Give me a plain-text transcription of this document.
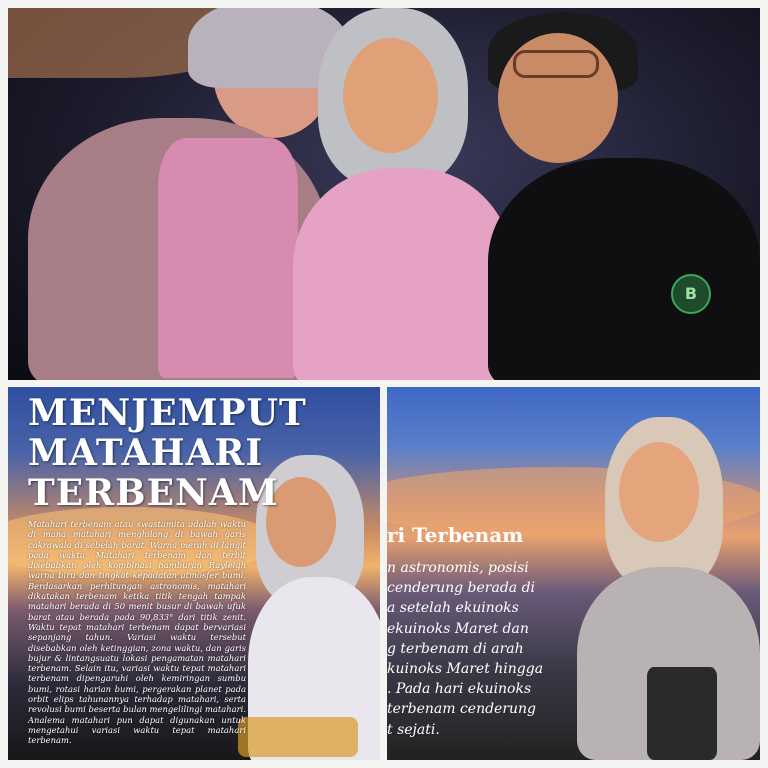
B
MENJEMPUT MATAHARI TERBENAM

Matahari terbenam atau swastamita adalah waktu di mana matahari menghilang di bawah garis cakrawala di sebelah barat. Warna merah di langit pada waktu Matahari terbenam dan terbit disebabkan oleh kombinasi hamburan Rayleigh warna biru dan tingkat kepadatan atmosfer bumi. Berdasarkan perhitungan astronomis, matahari dikatakan terbenam ketika titik tengah tampak matahari berada di 50 menit busur di bawah ufuk barat atau berada pada 90,833° dari titik zenit. Waktu tepat matahari terbenam dapat bervariasi sepanjang tahun. Variasi waktu tersebut disebabkan oleh ketinggian, zona waktu, dan garis bujur & lintangsuatu lokasi pengamatan matahari terbenam. Selain itu, variasi waktu tepat matahari terbenam dipengaruhi oleh kemiringan sumbu bumi, rotasi harian bumi, pergerakan planet pada orbit elips tahunannya terhadap matahari, serta revolusi bumi beserta bulan mengelilingi matahari. Analema matahari pun dapat digunakan untuk mengetahui variasi waktu tepat matahari terbenam.

ri Terbenam

n astronomis, posisi
cenderung berada di
a setelah ekuinoks
ekuinoks Maret dan
g terbenam di arah
kuinoks Maret hingga
. Pada hari ekuinoks
terbenam cenderung
t sejati.
